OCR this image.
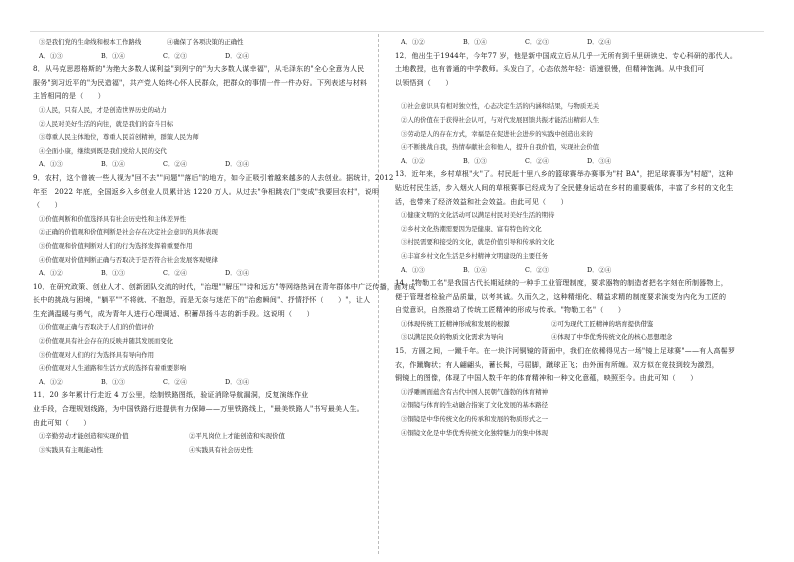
③是我们党的生命线和根本工作路线　　　　④确保了各项决策的正确性
A．①③	B．①④	C．②③	D．②④
8．从马克思恩格斯的"为绝大多数人谋利益"到列宁的"为大多数人谋幸福"，从毛泽东的"全心全意为人民
服务"到习近平的"为民造福"，共产党人始终心怀人民群众，把群众的事情一件一件办好。下列表述与材料
主旨相同的是（　　）
①人民，只有人民，才是创造世界历史的动力
②人民对美好生活的向往，就是我们的奋斗目标
③尊重人民主体地位，尊重人民首创精神，群策人民为师
④全面小康，继续到既是我们党给人民的交代
A．①③	B．①④	C．②④	D．③④
9．农村，这个曾被一些人视为"回不去""问题""落后"的地方，如今正吸引着越来越多的人去创业。据统计，2012
年至　2022 年底，全国返乡入乡创业人员累计达 1220 万人。从过去"争相跳农门"变成"我要回农村"，说明
（　　）
①价值判断和价值选择具有社会历史性和主体差异性
②正确的价值观和价值判断是社会存在决定社会意识的具体表现
③价值观和价值判断对人们的行为选择发挥着重要作用
④价值观对价值判断正确与否取决于是否符合社会发展客观规律
A．①②	B．①③	C．②④	D．③④
10．在研究政策、创业人才、创新团队交流的时代，"治理""解压""诗和远方"等网络热词在青年群体中广泛传播，面对成
长中的挑战与困境，"躺平""不将就、不抱怨，而是无奈与迷茫下的"治愈瞬间"、抒情抒怀（　　）"，让人
生充满温暖与勇气，成为青年人进行心理调适、积蓄昂扬斗志的新手段。这说明（　　）
①价值观正确与否取决于人们的价值评价
②价值观具有社会存在的反映并随其发展而变化
③价值观对人们的行为选择具有导向作用
④价值观对人生道路和生活方式的选择有着重要影响
A．①②	B．①③	C．②④	D．③④
11．20 多年累计行走近 4 万公里，绘制铁路图纸，验证消除导航漏洞，反复演练作业
业手段，合理规划线路，为中国铁路行进提供有力保障——万里铁路线上，"最美铁路人"书写最美人生。
由此可知（　　）
①辛勤劳动才能创造和实现价值	②平凡岗位上才能创造和实现价值
③实践具有主观能动性	④实践具有社会历史性
A．①②	B．①④	C．②③	D．②④
12．他出生于1944年，今年77 岁，他是新中国成立后从几乎一无所有到千里研读史、专心科研的那代人。
土地教授，也有普通的中学教师。头发白了，心态依然年轻：语速很慢，但精神饱满。从中我们可
以领悟到（　　）
①社会意识具有相对独立性，心态决定生活的内涵和结果，与物质无关
②人的价值在于获得社会认可，与对代发展回馈共振才能活出精彩人生
③劳动是人的存在方式，幸福是在促进社会进步的实践中创造出来的
④不断挑战自我，热情奉献社会和他人，提升自我价值，实现社会价值
A．①②	B．①③	C．②④	D．③④
13．近年来，乡村草根"火"了。村民赶十里八乡的篮球赛举办赛事为"村 BA"，把足球赛事为"村超"，这种
贴近村民生活，步入烟火人间的草根赛事已经成为了全民健身运动在乡村的重要载体，丰富了乡村的文化生
活，也带来了经济效益和社会效益。由此可见（　　）
①健康文明的文化活动可以满足村民对美好生活的期待
②乡村文化热潮需要因为是健康、富有特色的文化
③村民需要和接受的文化，就是价值引导和传承的文化
④丰富乡村文化生活是乡村精神文明建设的主要任务
A．①③	B．①④	C．②③	D．②④
14．"物勒工名"是我国古代长期延续的一种手工业管理制度，要求器物的制造者把名字刻在所制器物上，
便于管理者检验产品质量，以考其诚。久而久之，这种精细化、精益求精的制度要求演变为内化为工匠的
自觉意识，自然推动了传统工匠精神的形成与传承。"物勒工名"（　　）
①体现传统工匠精神形成和发展的根源	②可为现代工匠精神的培育提供借鉴
③以满足民众的物质文化需求为导向	④体现了中华优秀传统文化的核心思想理念
15．方圆之间，一蹴千年。在一块汴河铜镜的背面中，我们在依稀得见古一场"镜上足球赛"——有人高髻罗
衣，作蹴鞠状；有人翩翩头，蓄长髯，弓屈脚，蹴球正飞；由外面有所缠。双方似在竞技到较为激烈，
铜镜上的图像，体现了中国人数千年的体育精神和一种文化意蕴，映照至今。由此可知（　　）
①浮雕画面蕴含有古代中国人民朝气蓬勃的体育精神
②铜镜与体育的生动融合指案了文化发展的基本路径
③铜镜是中华传统文化的传承和发展的物质形式之一
④铜镜文化是中华优秀传统文化独特魅力的集中体现
